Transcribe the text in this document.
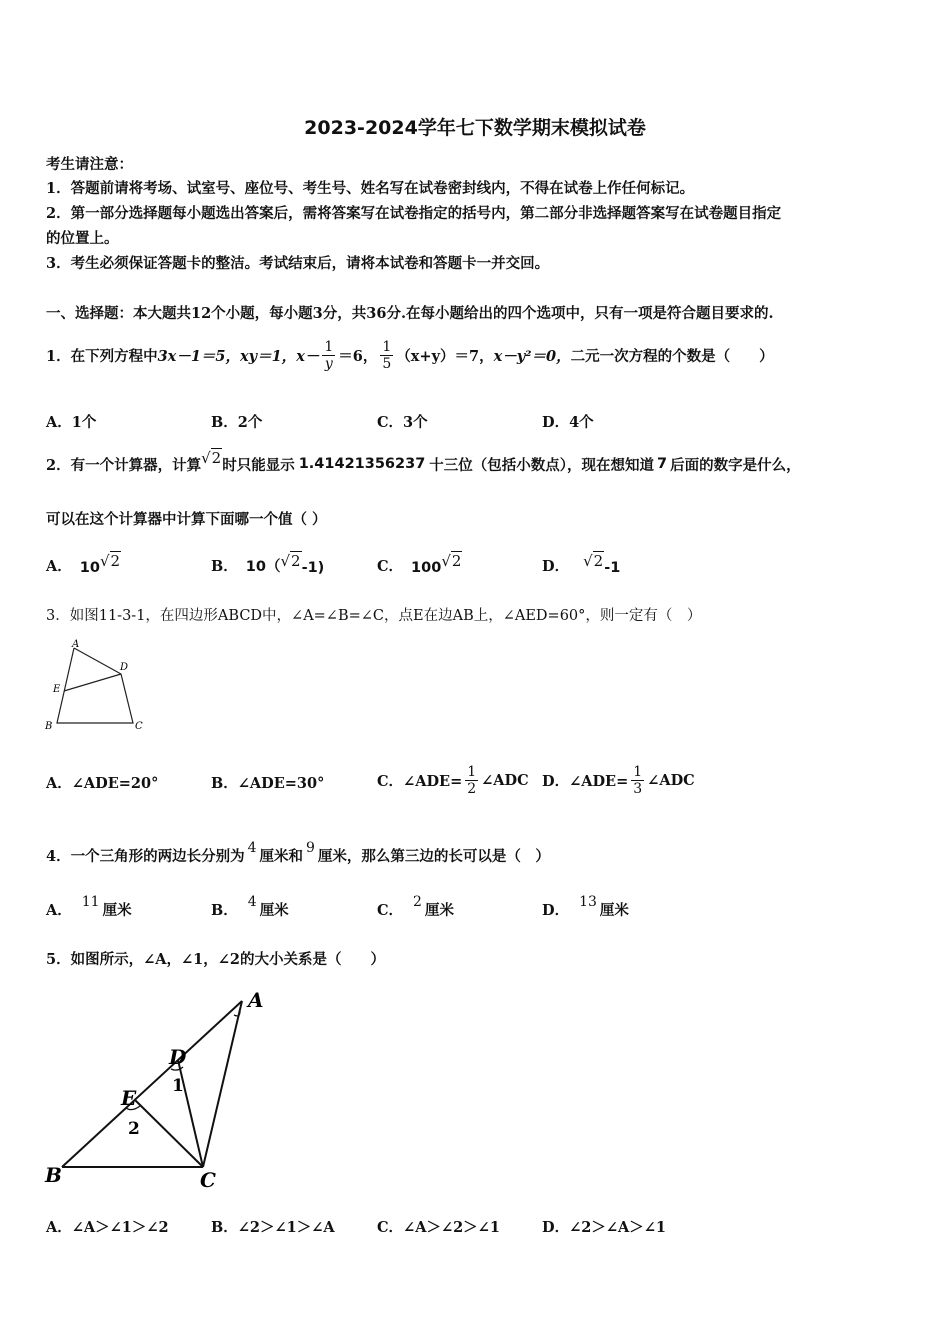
2023-2024学年七下数学期末模拟试卷
考生请注意：
1．答题前请将考场、试室号、座位号、考生号、姓名写在试卷密封线内，不得在试卷上作任何标记。
2．第一部分选择题每小题选出答案后，需将答案写在试卷指定的括号内，第二部分非选择题答案写在试卷题目指定
的位置上。
3．考生必须保证答题卡的整洁。考试结束后，请将本试卷和答题卡一并交回。
一、选择题：本大题共12个小题，每小题3分，共36分.在每小题给出的四个选项中，只有一项是符合题目要求的.
1．在下列方程中 3x－1＝5， xy＝1， $x- \frac{1}{y} =6$， $\frac{1}{5} (x+y)=7$， x－y²＝0， 二元一次方程的个数是（　　）
A．1个	B．2个	C．3个	D．4个
2．有一个计算器，计算 √2 时只能显示 1.41421356237 十三位（包括小数点），现在想知道 7 后面的数字是什么，
可以在这个计算器中计算下面哪一个值（ ）
A． 10 √2	B． 10（ √2 -1)	C． 100 √2	D． √2 -1
3．如图11-3-1，在四边形ABCD中，∠A=∠B=∠C，点E在边AB上，∠AED=60°，则一定有（　）
A
D
E
B	C
A．∠ADE=20°	B．∠ADE=30°	C．∠ADE= $\frac{1}{2}$ ∠ADC D．∠ADE= $\frac{1}{3}$ ∠ADC
4．一个三角形的两边长分别为 4 厘米和 9 厘米，那么第三边的长可以是（　）
A． 11 厘米	B． 4 厘米	C． 2 厘米	D． 13 厘米
5．如图所示，∠A，∠1，∠2的大小关系是（　　）
A
D
1
E
2
B	C
A．∠A＞∠1＞∠2	B．∠2＞∠1＞∠A	C．∠A＞∠2＞∠1	D．∠2＞∠A＞∠1
